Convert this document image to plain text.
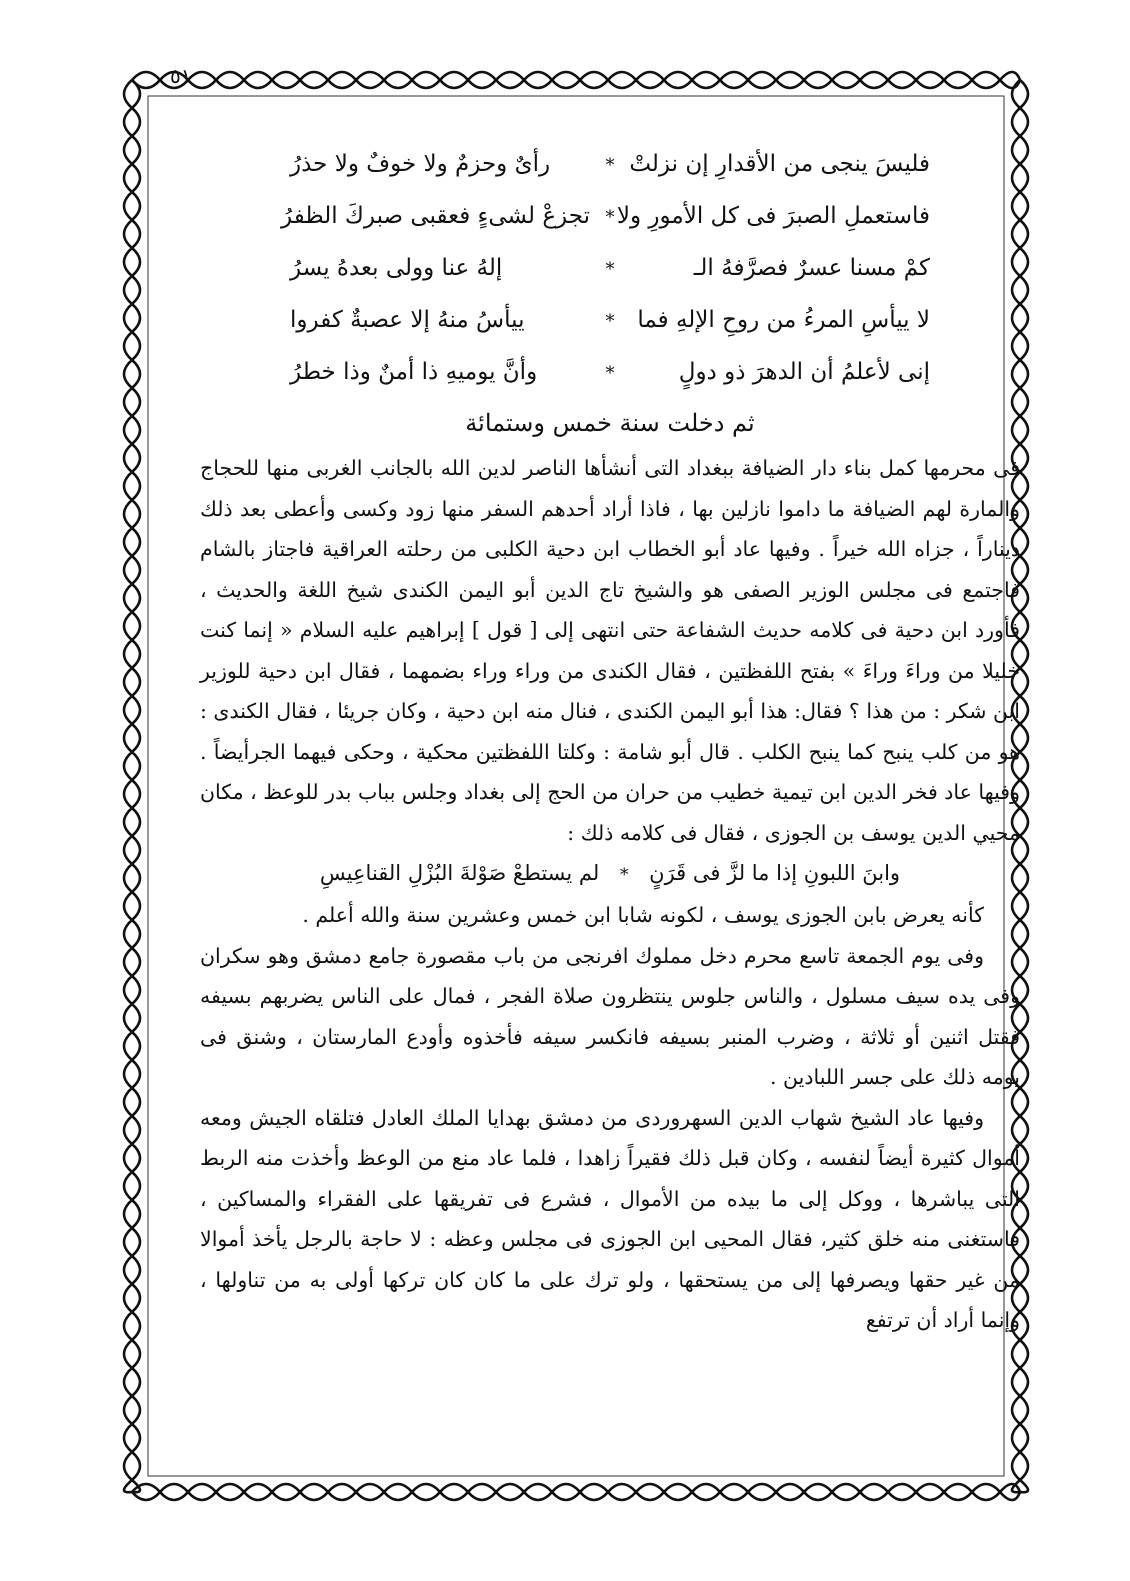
٥١
فليسَ ينجى من الأقدارِ إن نزلتْ
*
رأىٌ وحزمٌ ولا خوفٌ ولا حذرُ
فاستعملِ الصبرَ فى كل الأمورِ ولا
*
تجزعْ لشىءٍ فعقبى صبركَ الظفرُ
كمْ مسنا عسرٌ فصرَّفهُ الـ
*
إلهُ عنا وولى بعدهُ يسرُ
لا ييأسِ المرءُ من روحِ الإلهِ فما
*
ييأسُ منهُ إلا عصبةٌ كفروا
إنى لأعلمُ أن الدهرَ ذو دولٍ
*
وأنَّ يوميهِ ذا أمنٌ وذا خطرُ
ثم دخلت سنة خمس وستمائة

فى محرمها كمل بناء دار الضيافة ببغداد التى أنشأها الناصر لدين الله بالجانب الغربى منها للحجاج والمارة لهم الضيافة ما داموا نازلين بها ، فاذا أراد أحدهم السفر منها زود وكسى وأعطى بعد ذلك ديناراً ، جزاه الله خيراً . وفيها عاد أبو الخطاب ابن دحية الكلبى من رحلته العراقية فاجتاز بالشام فاجتمع فى مجلس الوزير الصفى هو والشيخ تاج الدين أبو اليمن الكندى شيخ اللغة والحديث ، فأورد ابن دحية فى كلامه حديث الشفاعة حتى انتهى إلى [ قول ] إبراهيم عليه السلام « إنما كنت خليلا من وراءَ وراءَ » بفتح اللفظتين ، فقال الكندى من وراء وراء بضمهما ، فقال ابن دحية للوزير ابن شكر : من هذا ؟ فقال: هذا أبو اليمن الكندى ، فنال منه ابن دحية ، وكان جريئا ، فقال الكندى : هو من كلب ينبح كما ينبح الكلب . قال أبو شامة : وكلتا اللفظتين محكية ، وحكى فيهما الجرأيضاً . وفيها عاد فخر الدين ابن تيمية خطيب من حران من الحج إلى بغداد وجلس بباب بدر للوعظ ، مكان محيي الدين يوسف بن الجوزى ، فقال فى كلامه ذلك :

وابنَ اللبونِ إذا ما لزَّ فى قَرَنٍ * لم يستطعْ صَوْلةَ البُزْلِ القناعِيسِ

كأنه يعرض بابن الجوزى يوسف ، لكونه شابا ابن خمس وعشرين سنة والله أعلم .

وفى يوم الجمعة تاسع محرم دخل مملوك افرنجى من باب مقصورة جامع دمشق وهو سكران وفى يده سيف مسلول ، والناس جلوس ينتظرون صلاة الفجر ، فمال على الناس يضربهم بسيفه فقتل اثنين أو ثلاثة ، وضرب المنبر بسيفه فانكسر سيفه فأخذوه وأودع المارستان ، وشنق فى يومه ذلك على جسر اللبادين .

وفيها عاد الشيخ شهاب الدين السهروردى من دمشق بهدايا الملك العادل فتلقاه الجيش ومعه أموال كثيرة أيضاً لنفسه ، وكان قبل ذلك فقيراً زاهدا ، فلما عاد منع من الوعظ وأخذت منه الربط التى يباشرها ، ووكل إلى ما بيده من الأموال ، فشرع فى تفريقها على الفقراء والمساكين ، فاستغنى منه خلق كثير، فقال المحيى ابن الجوزى فى مجلس وعظه : لا حاجة بالرجل يأخذ أموالا من غير حقها ويصرفها إلى من يستحقها ، ولو ترك على ما كان كان تركها أولى به من تناولها ، وإنما أراد أن ترتفع
